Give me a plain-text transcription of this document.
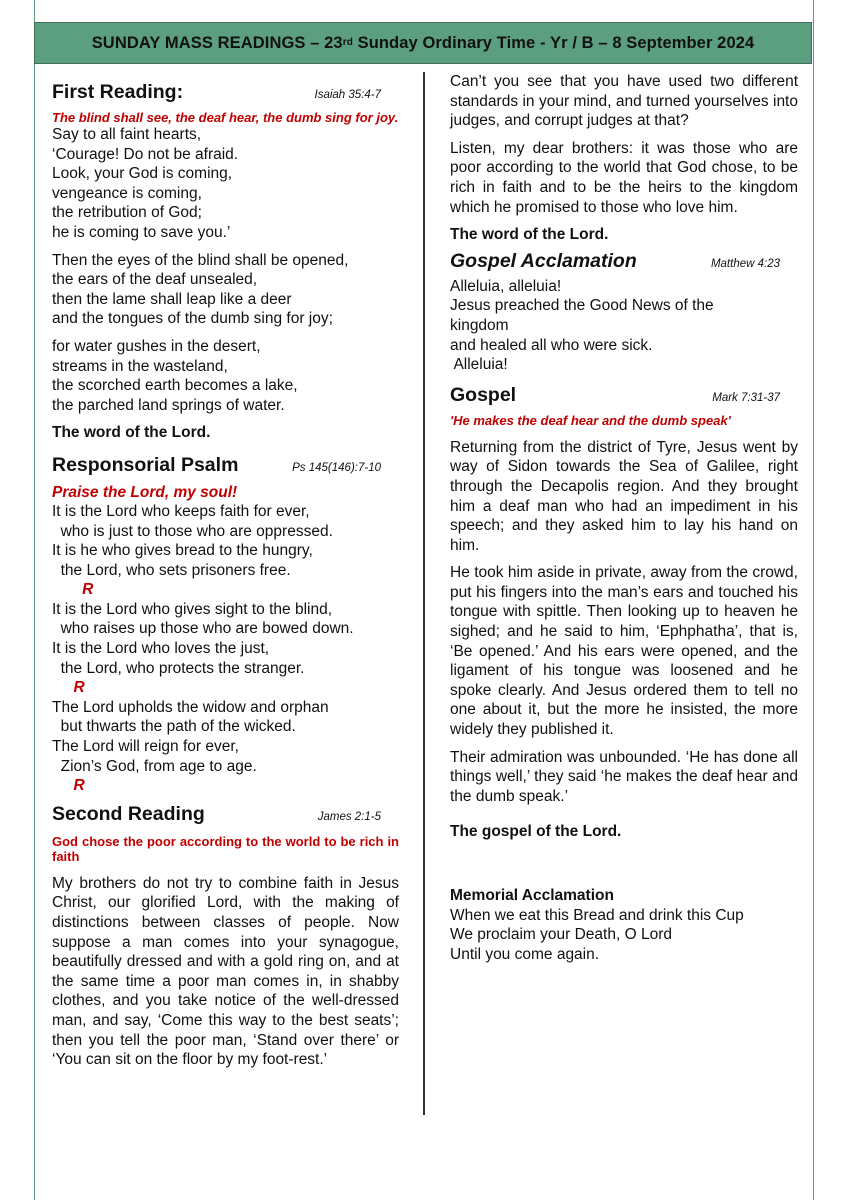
SUNDAY MASS READINGS – 23 rd Sunday Ordinary Time - Yr / B – 8 September 2024
First Reading:	Isaiah 35:4-7
The blind shall see, the deaf hear, the dumb sing for joy.
Say to all faint hearts,
‘Courage! Do not be afraid.
Look, your God is coming,
vengeance is coming,
the retribution of God;
he is coming to save you.’
Then the eyes of the blind shall be opened,
the ears of the deaf unsealed,
then the lame shall leap like a deer
and the tongues of the dumb sing for joy;
for water gushes in the desert,
streams in the wasteland,
the scorched earth becomes a lake,
the parched land springs of water.
The word of the Lord.
Responsorial Psalm	Ps 145(146):7-10
Praise the Lord, my soul!
It is the Lord who keeps faith for ever,
who is just to those who are oppressed.
It is he who gives bread to the hungry,
the Lord, who sets prisoners free.
R
It is the Lord who gives sight to the blind,
who raises up those who are bowed down.
It is the Lord who loves the just,
the Lord, who protects the stranger.
R
The Lord upholds the widow and orphan
but thwarts the path of the wicked.
The Lord will reign for ever,
Zion’s God, from age to age.
R
Second Reading	James 2:1-5
God chose the poor according to the world to be rich in faith
My brothers do not try to combine faith in Jesus Christ, our glorified Lord, with the making of distinctions between classes of people. Now suppose a man comes into your synagogue, beautifully dressed and with a gold ring on, and at the same time a poor man comes in, in shabby clothes, and you take notice of the well-dressed man, and say, ‘Come this way to the best seats’; then you tell the poor man, ‘Stand over there’ or ‘You can sit on the floor by my foot-rest.’
Can’t you see that you have used two different standards in your mind, and turned yourselves into judges, and corrupt judges at that?
Listen, my dear brothers: it was those who are poor according to the world that God chose, to be rich in faith and to be the heirs to the kingdom which he promised to those who love him.
The word of the Lord.
Gospel Acclamation	Matthew 4:23
Alleluia, alleluia!
Jesus preached the Good News of the kingdom
and healed all who were sick.
Alleluia!
Gospel	Mark 7:31-37
'He makes the deaf hear and the dumb speak'
Returning from the district of Tyre, Jesus went by way of Sidon towards the Sea of Galilee, right through the Decapolis region. And they brought him a deaf man who had an impediment in his speech; and they asked him to lay his hand on him.
He took him aside in private, away from the crowd, put his fingers into the man’s ears and touched his tongue with spittle. Then looking up to heaven he sighed; and he said to him, ‘Ephphatha’, that is, ‘Be opened.’ And his ears were opened, and the ligament of his tongue was loosened and he spoke clearly. And Jesus ordered them to tell no one about it, but the more he insisted, the more widely they published it.
Their admiration was unbounded. ‘He has done all things well,’ they said ‘he makes the deaf hear and the dumb speak.’
The gospel of the Lord.
Memorial Acclamation
When we eat this Bread and drink this Cup
We proclaim your Death, O Lord
Until you come again.
